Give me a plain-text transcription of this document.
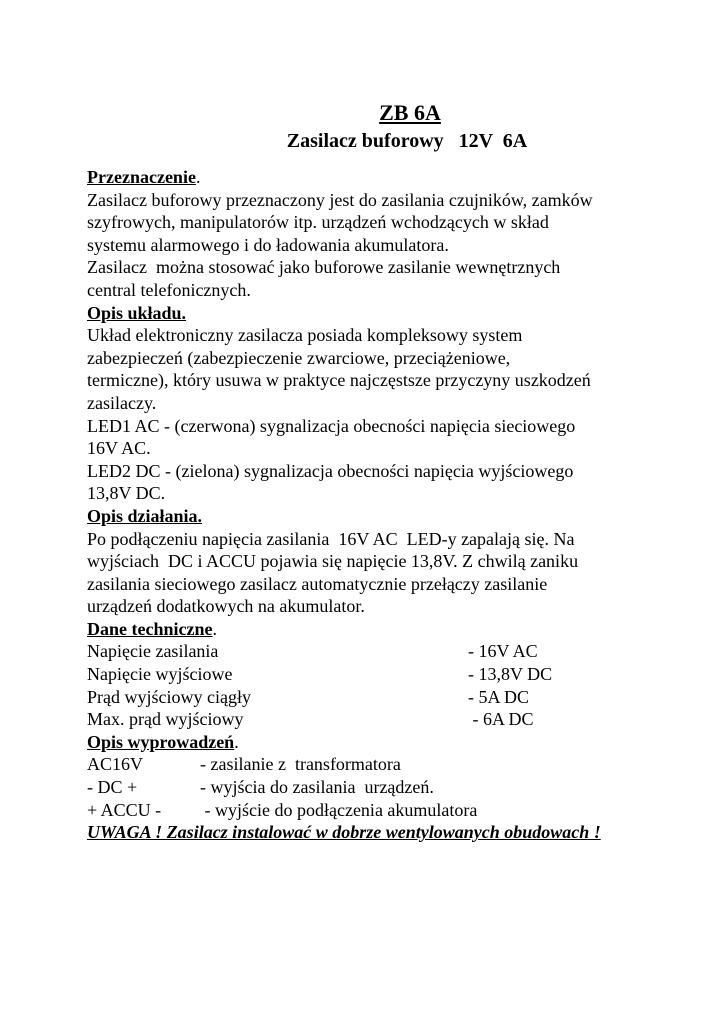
ZB 6A
Zasilacz buforowy   12V  6A
Przeznaczenie.
Zasilacz buforowy przeznaczony jest do zasilania czujników, zamków
szyfrowych, manipulatorów itp. urządzeń wchodzących w skład
systemu alarmowego i do ładowania akumulatora.
Zasilacz  można stosować jako buforowe zasilanie wewnętrznych
central telefonicznych.
Opis układu.
Układ elektroniczny zasilacza posiada kompleksowy system
zabezpieczeń (zabezpieczenie zwarciowe, przeciążeniowe,
termiczne), który usuwa w praktyce najczęstsze przyczyny uszkodzeń
zasilaczy.
LED1 AC - (czerwona) sygnalizacja obecności napięcia sieciowego
16V AC.
LED2 DC - (zielona) sygnalizacja obecności napięcia wyjściowego
13,8V DC.
Opis działania.
Po podłączeniu napięcia zasilania  16V AC  LED-y zapalają się. Na
wyjściach  DC i ACCU pojawia się napięcie 13,8V. Z chwilą zaniku
zasilania sieciowego zasilacz automatycznie przełączy zasilanie
urządzeń dodatkowych na akumulator.
Dane techniczne.
Napięcie zasilania	- 16V AC
Napięcie wyjściowe	- 13,8V DC
Prąd wyjściowy ciągły	- 5A DC
Max. prąd wyjściowy	- 6A DC
Opis wyprowadzeń.
AC16V	- zasilanie z  transformatora
- DC +	- wyjścia do zasilania  urządzeń.
+ ACCU -	- wyjście do podłączenia akumulatora
UWAGA ! Zasilacz instalować w dobrze wentylowanych obudowach !
